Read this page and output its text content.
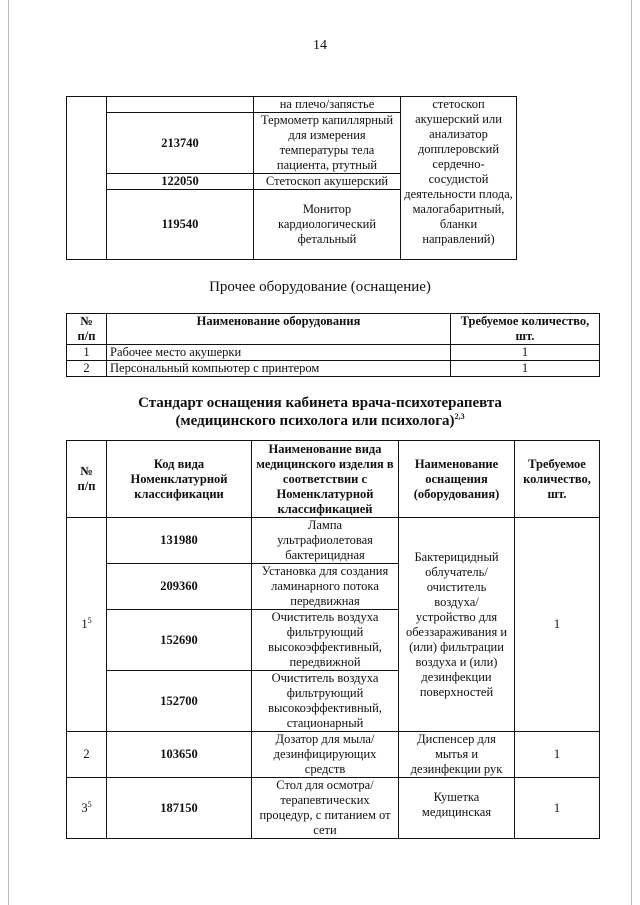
14
		на плечо/запястье	стетоскоп акушерский или анализатор допплеровский сердечно-сосудистой деятельности плода, малогабаритный, бланки направлений)
	213740	Термометр капиллярный для измерения температуры тела пациента, ртутный	
	122050	Стетоскоп акушерский	
	119540	Монитор кардиологический фетальный	
Прочее оборудование (оснащение)
№ п/п	Наименование оборудования	Требуемое количество, шт.
1	Рабочее место акушерки	1
2	Персональный компьютер с принтером	1
Стандарт оснащения кабинета врача-психотерапевта
(медицинского психолога или психолога)$^{2,3}$
№ п/п	Код вида Номенклатурной классификации	Наименование вида медицинского изделия в соответствии с Номенклатурной классификацией	Наименование оснащения (оборудования)	Требуемое количество, шт.
$1^5$	131980	Лампа ультрафиолетовая бактерицидная	Бактерицидный облучатель/ очиститель воздуха/ устройство для обеззараживания и (или) фильтрации воздуха и (или) дезинфекции поверхностей	1
	209360	Установка для создания ламинарного потока передвижная		
	152690	Очиститель воздуха фильтрующий высокоэффективный, передвижной		
	152700	Очиститель воздуха фильтрующий высокоэффективный, стационарный		
2	103650	Дозатор для мыла/ дезинфицирующих средств	Диспенсер для мытья и дезинфекции рук	1
$3^5$	187150	Стол для осмотра/ терапевтических процедур, с питанием от сети	Кушетка медицинская	1
